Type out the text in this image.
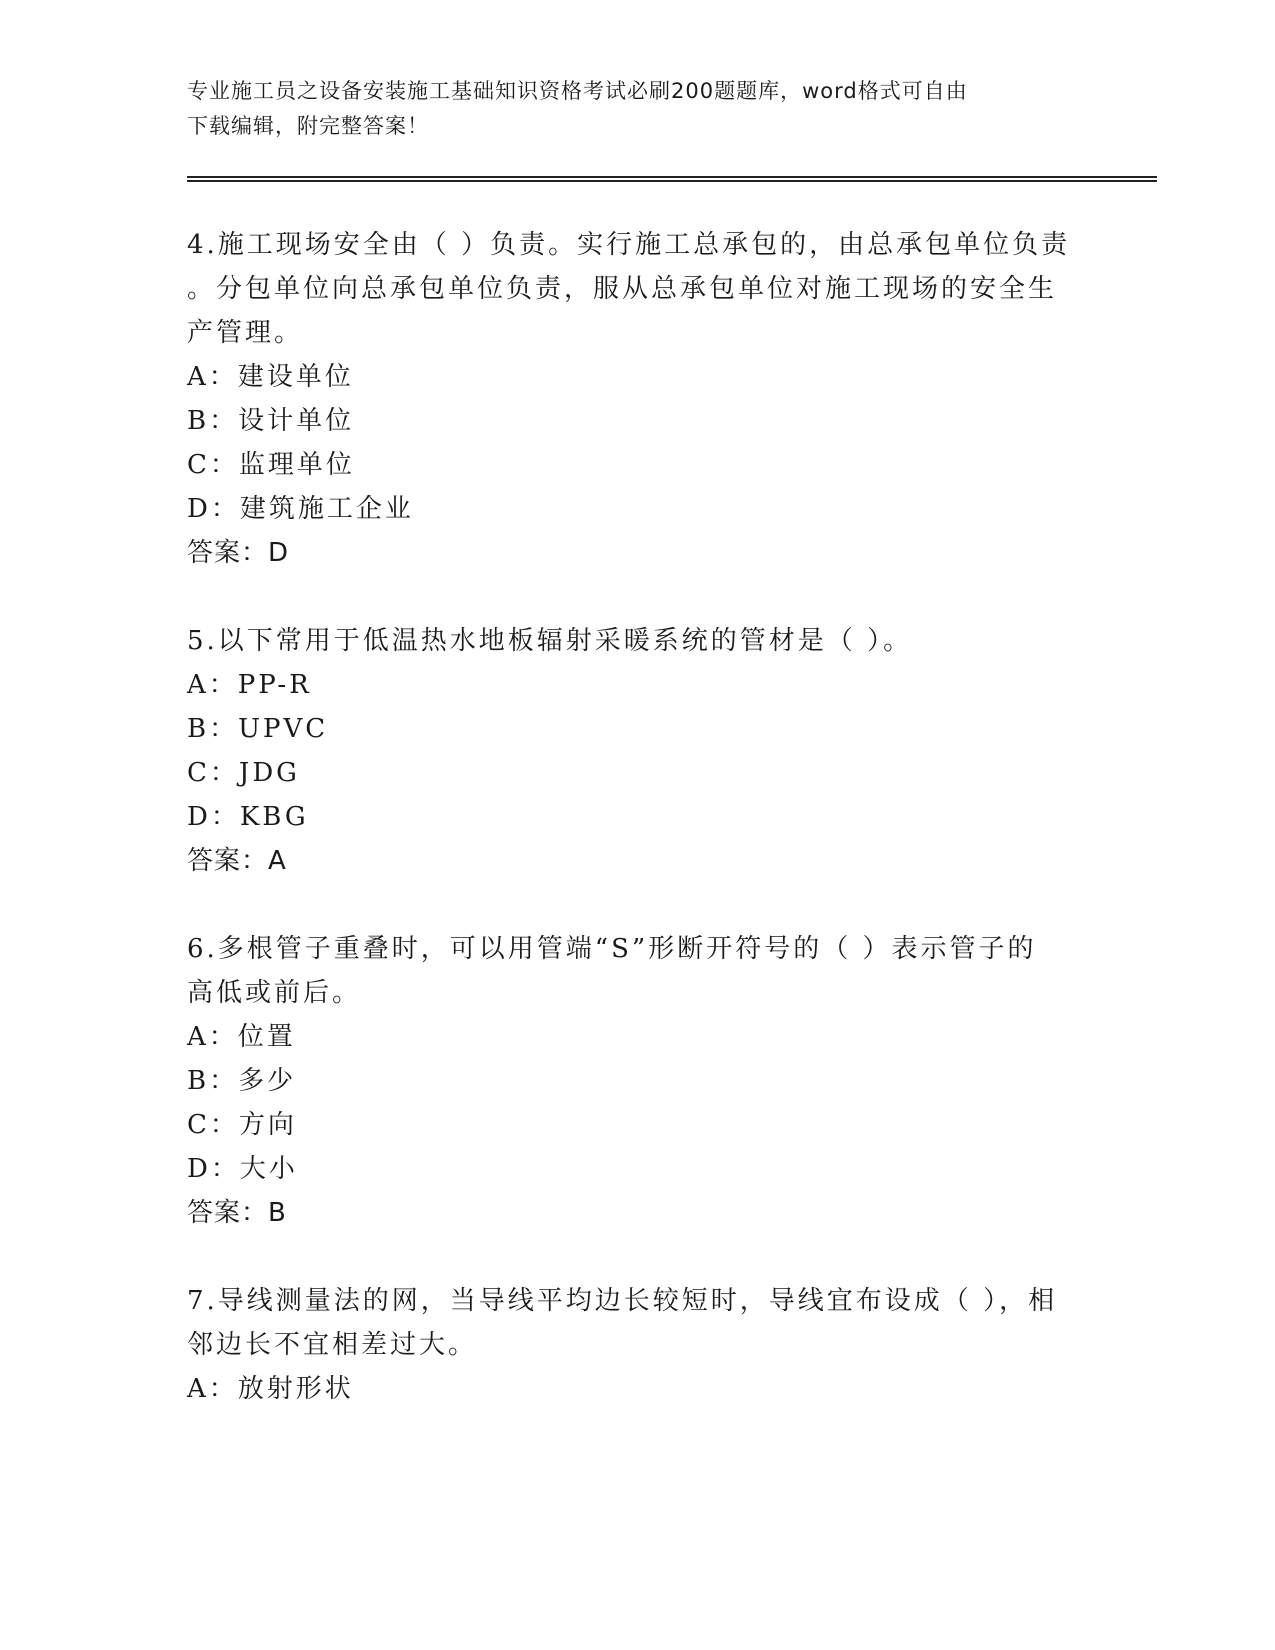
专业施工员之设备安装施工基础知识资格考试必刷200题题库，word格式可自由
下载编辑，附完整答案！
4.施工现场安全由（ ）负责。实行施工总承包的，由总承包单位负责
。分包单位向总承包单位负责，服从总承包单位对施工现场的安全生
产管理。
A：建设单位
B：设计单位
C：监理单位
D：建筑施工企业
答案：D
5.以下常用于低温热水地板辐射采暖系统的管材是（ ）。
A：PP-R
B：UPVC
C：JDG
D：KBG
答案：A
6.多根管子重叠时，可以用管端“S”形断开符号的（ ）表示管子的
高低或前后。
A：位置
B：多少
C：方向
D：大小
答案：B
7.导线测量法的网，当导线平均边长较短时，导线宜布设成（ ），相
邻边长不宜相差过大。
A：放射形状
